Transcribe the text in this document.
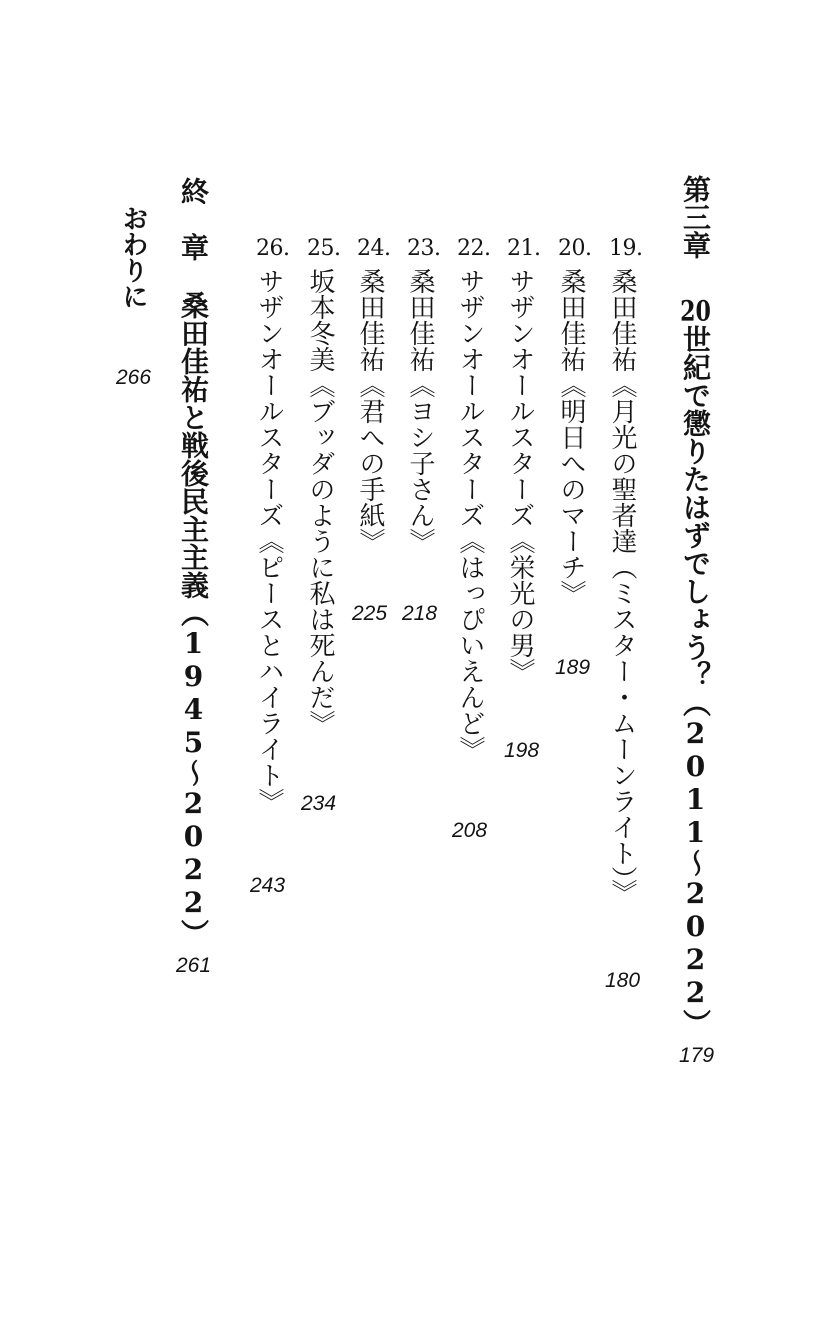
第三章20世紀で懲りたはずでしょう？（2011〜2022）
179
19.
桑田佳祐《月光の聖者達（ミスター・ムーンライト）》
180
20.
桑田佳祐《明日へのマーチ》
189
21.
サザンオールスターズ《栄光の男》
198
22.
サザンオールスターズ《はっぴいえんど》
208
23.
桑田佳祐《ヨシ子さん》
218
24.
桑田佳祐《君への手紙》
225
25.
坂本冬美《ブッダのように私は死んだ》
234
26.
サザンオールスターズ《ピースとハイライト》
243
終　章桑田佳祐と戦後民主主義（1945〜2022）
261
おわりに
266
